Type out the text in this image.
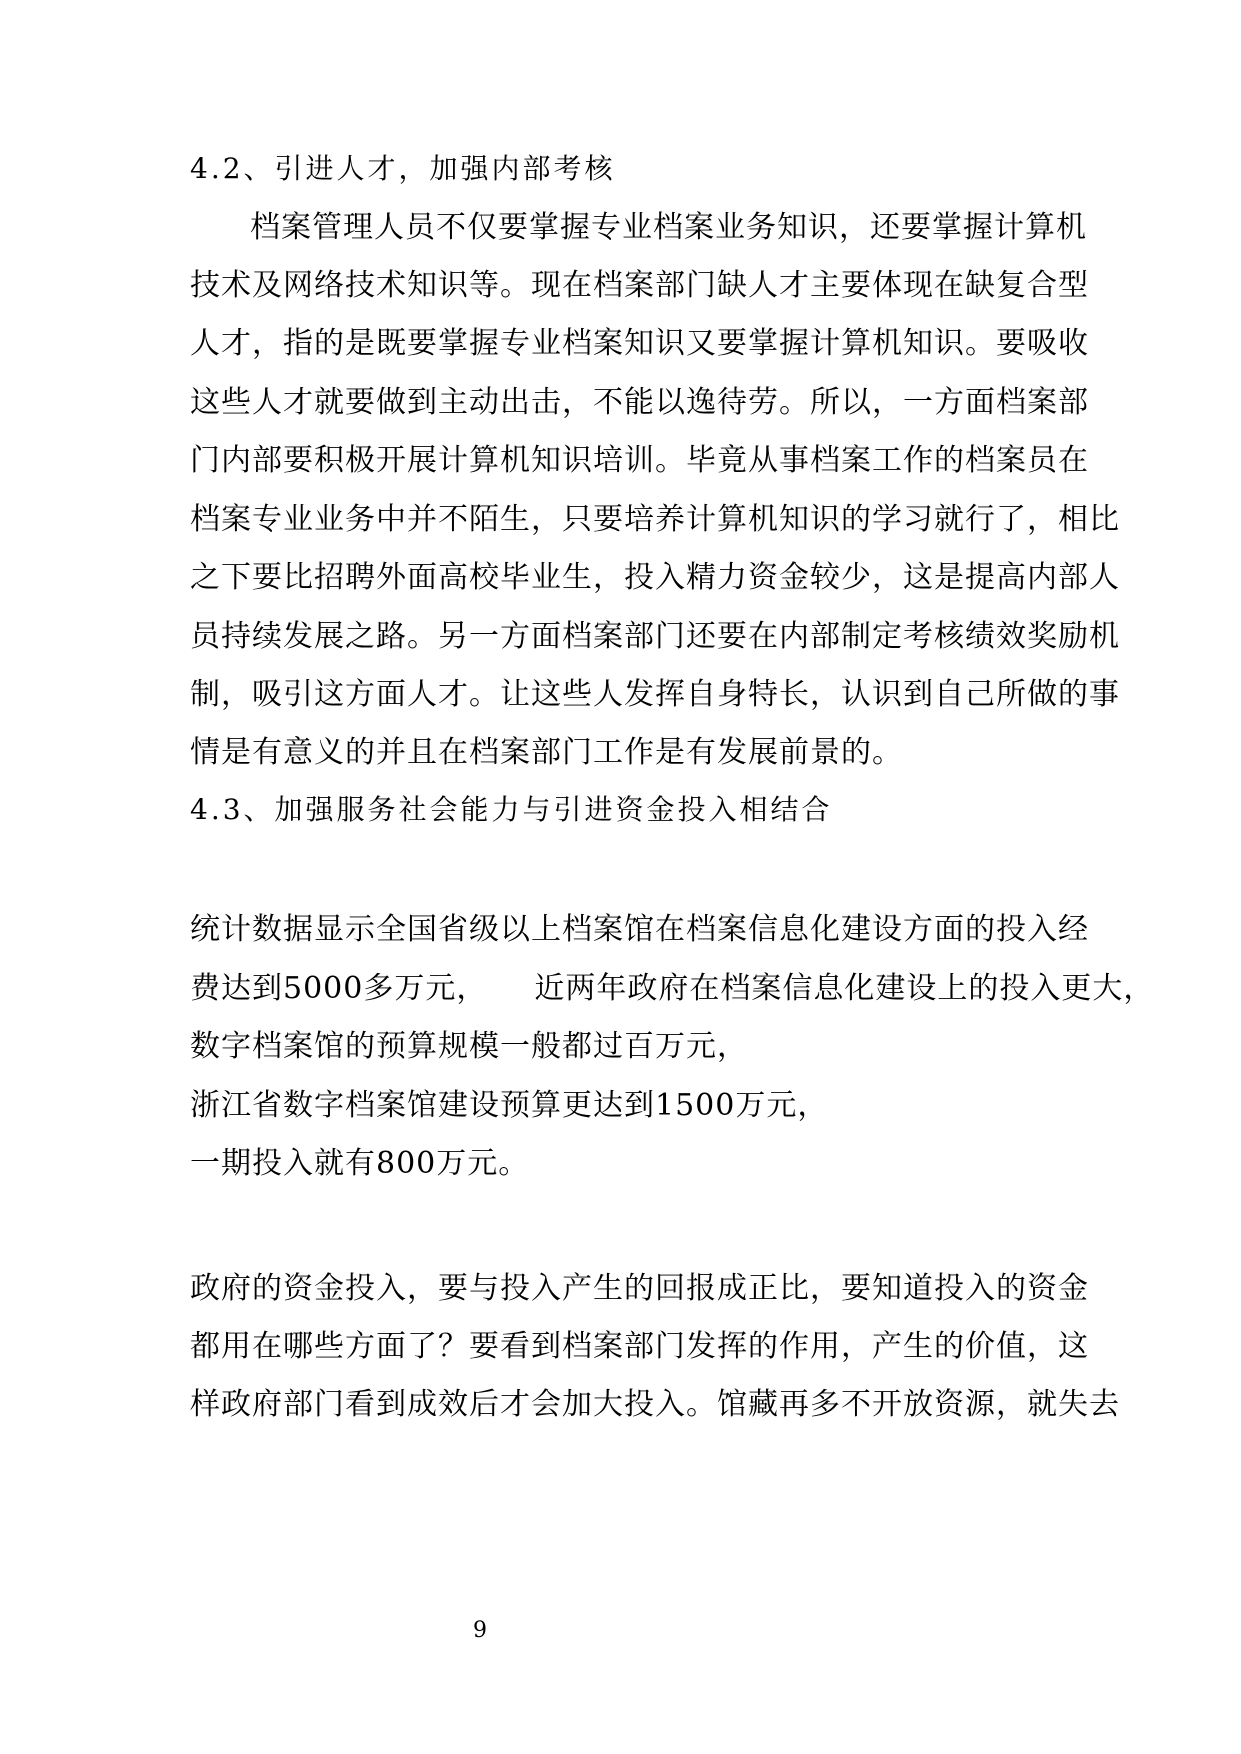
4.2、引进人才，加强内部考核
档案管理人员不仅要掌握专业档案业务知识，还要掌握计算机
技术及网络技术知识等。现在档案部门缺人才主要体现在缺复合型
人才，指的是既要掌握专业档案知识又要掌握计算机知识。要吸收
这些人才就要做到主动出击，不能以逸待劳。所以，一方面档案部
门内部要积极开展计算机知识培训。毕竟从事档案工作的档案员在
档案专业业务中并不陌生，只要培养计算机知识的学习就行了，相比
之下要比招聘外面高校毕业生，投入精力资金较少，这是提高内部人
员持续发展之路。另一方面档案部门还要在内部制定考核绩效奖励机
制，吸引这方面人才。让这些人发挥自身特长，认识到自己所做的事
情是有意义的并且在档案部门工作是有发展前景的。
4.3、加强服务社会能力与引进资金投入相结合
统计数据显示全国省级以上档案馆在档案信息化建设方面的投入经
费达到5000多万元，　　近两年政府在档案信息化建设上的投入更大，
数字档案馆的预算规模一般都过百万元，
浙江省数字档案馆建设预算更达到1500万元，
一期投入就有800万元。
政府的资金投入，要与投入产生的回报成正比，要知道投入的资金
都用在哪些方面了？要看到档案部门发挥的作用，产生的价值，这
样政府部门看到成效后才会加大投入。馆藏再多不开放资源，就失去
9
